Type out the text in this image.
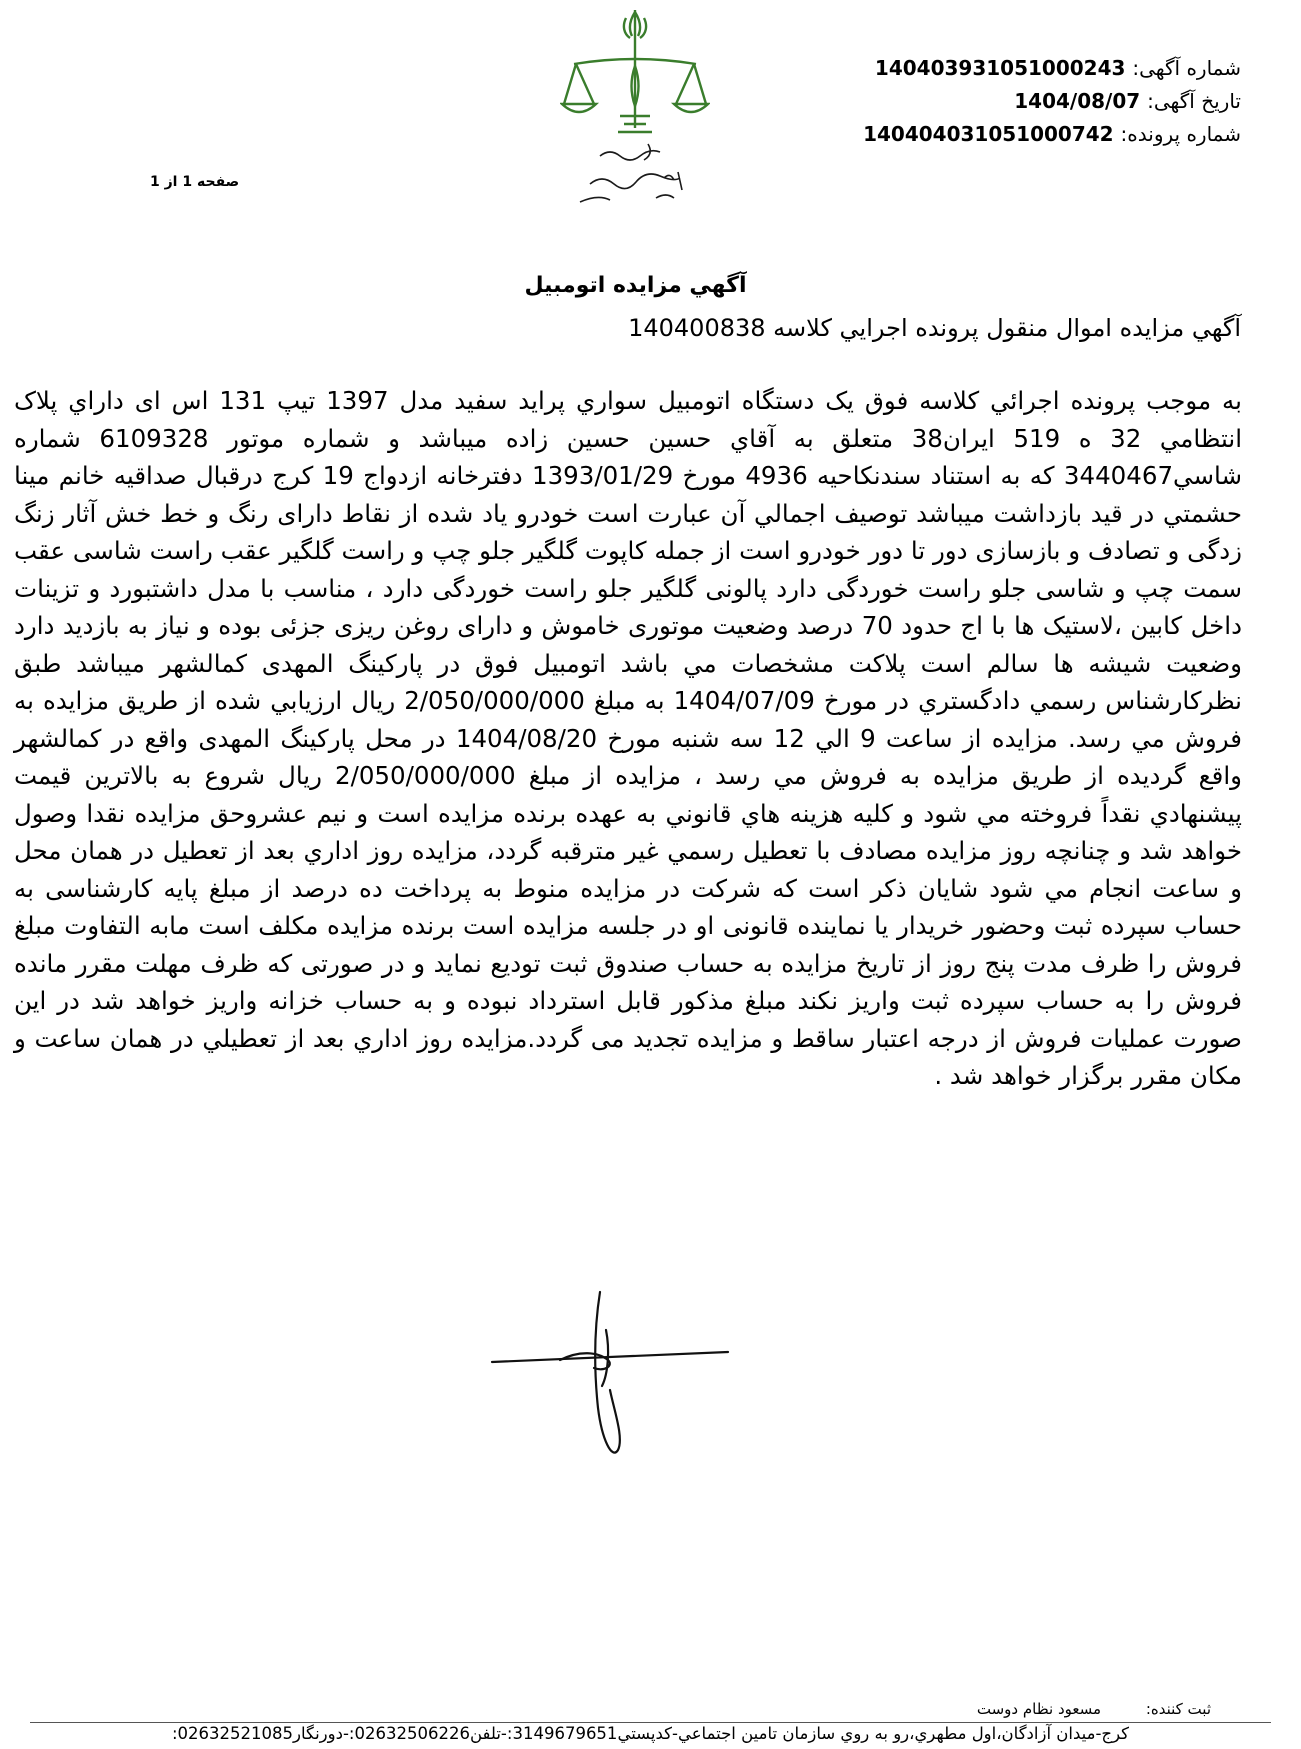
شماره آگهی: 140403931051000243
تاریخ آگهی: 1404/08/07
شماره پرونده: 140404031051000742
صفحه 1 از 1
آگهي مزايده اتومبيل
آگهي مزايده اموال منقول پرونده اجرايي كلاسه 140400838
به موجب پرونده اجرائي كلاسه فوق يک دستگاه اتومبيل سواري پرايد سفيد مدل 1397 تيپ 131 اس ای داراي پلاک انتظامي 32 ه 519 ايران38 متعلق به آقاي حسين حسين زاده ميباشد و شماره موتور 6109328 شماره شاسي3440467 که به استناد سندنکاحيه 4936 مورخ 1393/01/29 دفترخانه ازدواج 19 کرج درقبال صداقيه خانم مينا حشمتي در قيد بازداشت ميباشد توصيف اجمالي آن عبارت است خودرو ياد شده از نقاط دارای رنگ و خط خش آثار زنگ زدگی و تصادف و بازسازی دور تا دور خودرو است از جمله کاپوت گلگير جلو چپ و راست گلگير عقب راست شاسی عقب سمت چپ و شاسی جلو راست خوردگی دارد پالونی گلگير جلو راست خوردگی دارد ، مناسب با مدل داشتبورد و تزينات داخل کابين ،لاستيک ها با اج حدود 70 درصد وضعيت موتوری خاموش و دارای روغن ريزی جزئی بوده و نياز به بازديد دارد وضعيت شيشه ها سالم است پلاکت مشخصات مي باشد اتومبيل فوق در پارکينگ المهدی کمالشهر ميباشد طبق نظرکارشناس رسمي دادگستري در مورخ 1404/07/09 به مبلغ 2/050/000/000 ريال ارزيابي شده از طريق مزايده به فروش مي رسد. مزايده از ساعت 9 الي 12 سه شنبه مورخ 1404/08/20 در محل پارکينگ المهدی واقع در کمالشهر واقع گرديده از طريق مزايده به فروش مي رسد ، مزايده از مبلغ 2/050/000/000 ريال شروع به بالاترين قيمت پيشنهادي نقداً فروخته مي شود و كليه هزينه هاي قانوني به عهده برنده مزايده است و نيم عشروحق مزايده نقدا وصول خواهد شد و چنانچه روز مزايده مصادف با تعطيل رسمي غير مترقبه گردد، مزايده روز اداري بعد از تعطيل در همان محل و ساعت انجام مي شود شايان ذكر است كه شركت در مزايده منوط به پرداخت ده درصد از مبلغ پايه كارشناسی به حساب سپرده ثبت وحضور خريدار يا نماينده قانونی او در جلسه مزايده است برنده مزايده مكلف است مابه التفاوت مبلغ فروش را ظرف مدت پنج روز از تاريخ مزايده به حساب صندوق ثبت توديع نمايد و در صورتی كه ظرف مهلت مقرر مانده فروش را به حساب سپرده ثبت واريز نكند مبلغ مذكور قابل استرداد نبوده و به حساب خزانه واريز خواهد شد در اين صورت عمليات فروش از درجه اعتبار ساقط و مزايده تجديد می گردد.مزايده روز اداري بعد از تعطيلي در همان ساعت و مكان مقرر برگزار خواهد شد .
ثبت کننده: مسعود نظام دوست
کرج-ميدان آزادگان،اول مطهري،رو به روي سازمان تامين اجتماعي-کدپستي3149679651:-تلفن02632506226:-دورنگار02632521085:
